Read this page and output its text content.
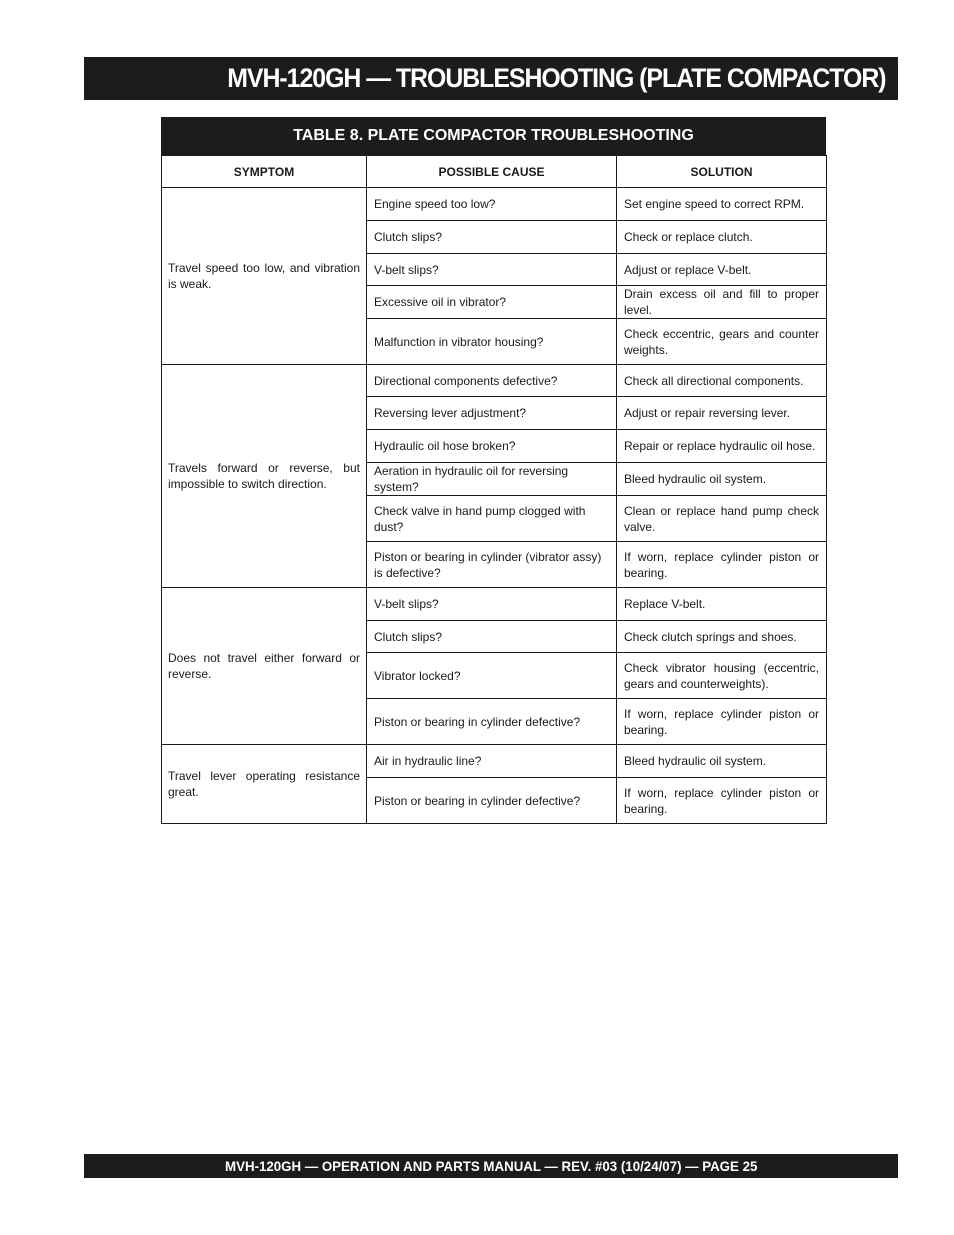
MVH-120GH — TROUBLESHOOTING (PLATE COMPACTOR)
TABLE 8. PLATE COMPACTOR TROUBLESHOOTING
SYMPTOM	POSSIBLE CAUSE	SOLUTION
Travel speed too low, and vibration is weak.	Engine speed too low?	Set engine speed to correct RPM.
	Clutch slips?	Check or replace clutch.
	V-belt slips?	Adjust or replace V-belt.
	Excessive oil in vibrator?	Drain excess oil and fill to proper level.
	Malfunction in vibrator housing?	Check eccentric, gears and counter weights.
Travels forward or reverse, but impossible to switch direction.	Directional components defective?	Check all directional components.
	Reversing lever adjustment?	Adjust or repair reversing lever.
	Hydraulic oil hose broken?	Repair or replace hydraulic oil hose.
	Aeration in hydraulic oil for reversing system?	Bleed hydraulic oil system.
	Check valve in hand pump clogged with dust?	Clean or replace hand pump check valve.
	Piston or bearing in cylinder (vibrator assy) is defective?	If worn, replace cylinder piston or bearing.
Does not travel either forward or reverse.	V-belt slips?	Replace V-belt.
	Clutch slips?	Check clutch springs and shoes.
	Vibrator locked?	Check vibrator housing (eccentric, gears and counterweights).
	Piston or bearing in cylinder defective?	If worn, replace cylinder piston or bearing.
Travel lever operating resistance great.	Air in hydraulic line?	Bleed hydraulic oil system.
	Piston or bearing in cylinder defective?	If worn, replace cylinder piston or bearing.
MVH-120GH — OPERATION AND PARTS MANUAL — REV. #03 (10/24/07) — PAGE 25
